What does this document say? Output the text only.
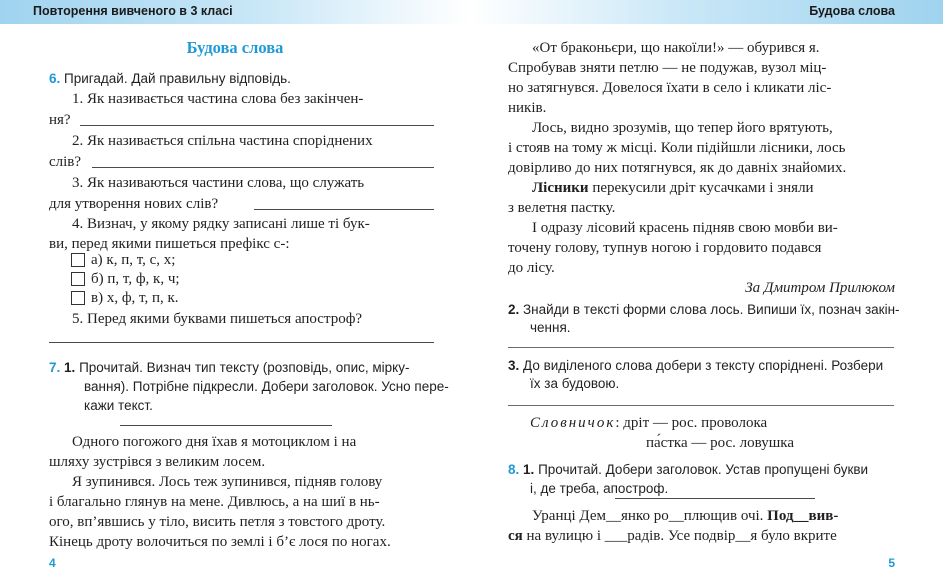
Повторення вивченого в 3 класі
Будова слова
6. Пригадай. Дай правильну відповідь.
1. Як називається частина слова без закінчен-
ня?
2. Як називається спільна частина споріднених
слів?
3. Як називаються частини слова, що служать
для утворення нових слів?
4. Визнач, у якому рядку записані лише ті бук-
ви, перед якими пишеться префікс с-:
а) к, п, т, с, х;
б) п, т, ф, к, ч;
в) х, ф, т, п, к.
5. Перед якими буквами пишеться апостроф?
7. 1. Прочитай. Визнач тип тексту (розповідь, опис, мірку-
вання). Потрібне підкресли. Добери заголовок. Усно пере-
кажи текст.
Одного погожого дня їхав я мотоциклом і на
шляху зустрівся з великим лосем.
Я зупинився. Лось теж зупинився, підняв голову
і благально глянув на мене. Дивлюсь, а на шиї в нь-
ого, вп’явшись у тіло, висить петля з товстого дроту.
Кінець дроту волочиться по землі і б’є лося по ногах.
4
Будова слова
«От браконьєри, що накоїли!» — обурився я.
Спробував зняти петлю — не подужав, вузол міц-
но затягнувся. Довелося їхати в село і кликати ліс-
ників.
Лось, видно зрозумів, що тепер його врятують,
і стояв на тому ж місці. Коли підійшли лісники, лось
довірливо до них потягнувся, як до давніх знайомих.
Лісники перекусили дріт кусачками і зняли
з велетня пастку.
І одразу лісовий красень підняв свою мовби ви-
точену голову, тупнув ногою і гордовито подався
до лісу.
За Дмитром Прилюком
2. Знайди в тексті форми слова лось. Випиши їх, познач закін-
чення.
3. До виділеного слова добери з тексту споріднені. Розбери
їх за будовою.
Словничок: дріт — рос. проволока
па́стка — рос. ловушка
8. 1. Прочитай. Добери заголовок. Устав пропущені букви
і, де треба, апостроф.
Уранці Дем__янко ро__плющив очі. Под__вив-
ся на вулицю і ___радів. Усе подвір__я було вкрите
5
